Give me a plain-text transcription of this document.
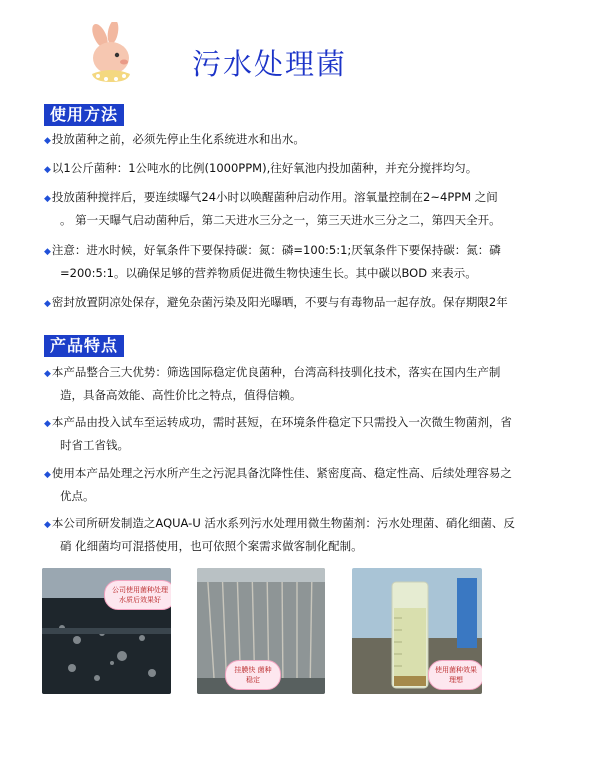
污水处理菌
使用方法
◆投放菌种之前，必须先停止生化系统进水和出水。
◆以1公斤菌种：1公吨水的比例(1000PPM),往好氧池内投加菌种，并充分搅拌均匀。
◆投放菌种搅拌后，要连续曝气24小时以唤醒菌种启动作用。溶氧量控制在2~4PPM 之间
。 第一天曝气启动菌种后，第二天进水三分之一，第三天进水三分之二，第四天全开。
◆注意：进水时候，好氧条件下要保持碳：氮：磷=100:5:1;厌氧条件下要保持碳：氮：磷
=200:5:1。以确保足够的营养物质促进微生物快速生长。其中碳以BOD 来表示。
◆密封放置阴凉处保存，避免杂菌污染及阳光曝晒，不要与有毒物品一起存放。保存期限2年
产品特点
◆本产品整合三大优势：筛选国际稳定优良菌种，台湾高科技驯化技术，落实在国内生产制
造，具备高效能、高性价比之特点，值得信赖。
◆本产品由投入试车至运转成功，需时甚短，在环境条件稳定下只需投入一次微生物菌剂，省
时省工省钱。
◆使用本产品处理之污水所产生之污泥具备沈降性佳、紧密度高、稳定性高、后续处理容易之
优点。
◆本公司所研发制造之AQUA-U 活水系列污水处理用微生物菌剂：污水处理菌、硝化细菌、反
硝 化细菌均可混搭使用，也可依照个案需求做客制化配制。
公司使用菌种处理水质后效果好
挂膜快 菌种稳定
使用菌种效果 理想
